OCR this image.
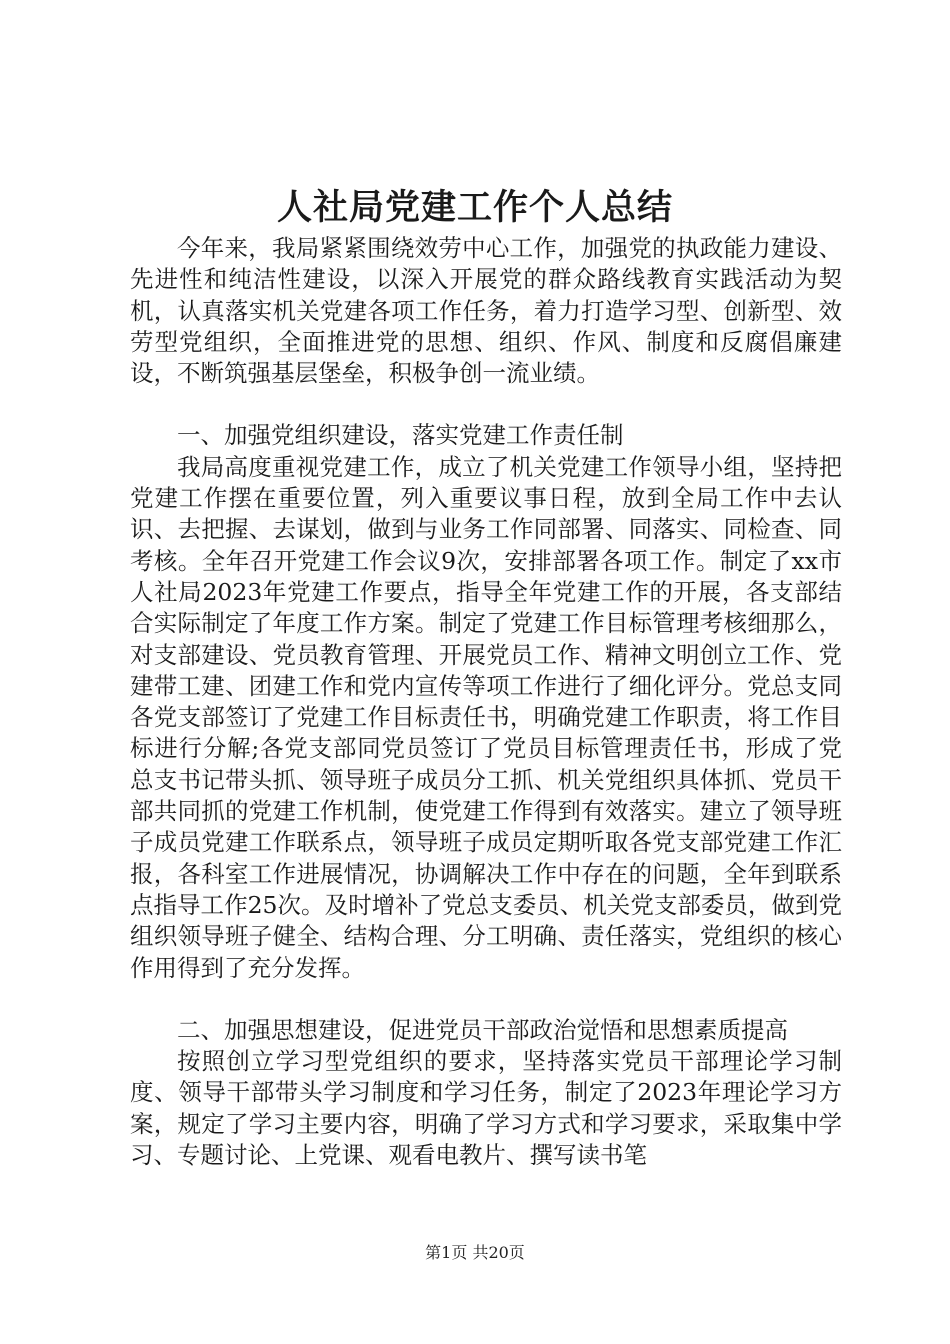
人社局党建工作个人总结

今年来，我局紧紧围绕效劳中心工作，加强党的执政能力建设、先进性和纯洁性建设，以深入开展党的群众路线教育实践活动为契机，认真落实机关党建各项工作任务，着力打造学习型、创新型、效劳型党组织，全面推进党的思想、组织、作风、制度和反腐倡廉建设，不断筑强基层堡垒，积极争创一流业绩。

一、加强党组织建设，落实党建工作责任制

我局高度重视党建工作，成立了机关党建工作领导小组，坚持把党建工作摆在重要位置，列入重要议事日程，放到全局工作中去认识、去把握、去谋划，做到与业务工作同部署、同落实、同检查、同考核。全年召开党建工作会议9次，安排部署各项工作。制定了xx市人社局2023年党建工作要点，指导全年党建工作的开展，各支部结合实际制定了年度工作方案。制定了党建工作目标管理考核细那么，对支部建设、党员教育管理、开展党员工作、精神文明创立工作、党建带工建、团建工作和党内宣传等项工作进行了细化评分。党总支同各党支部签订了党建工作目标责任书，明确党建工作职责，将工作目标进行分解;各党支部同党员签订了党员目标管理责任书，形成了党总支书记带头抓、领导班子成员分工抓、机关党组织具体抓、党员干部共同抓的党建工作机制，使党建工作得到有效落实。建立了领导班子成员党建工作联系点，领导班子成员定期听取各党支部党建工作汇报，各科室工作进展情况，协调解决工作中存在的问题，全年到联系点指导工作25次。及时增补了党总支委员、机关党支部委员，做到党组织领导班子健全、结构合理、分工明确、责任落实，党组织的核心作用得到了充分发挥。

二、加强思想建设，促进党员干部政治觉悟和思想素质提高

按照创立学习型党组织的要求，坚持落实党员干部理论学习制度、领导干部带头学习制度和学习任务，制定了2023年理论学习方案，规定了学习主要内容，明确了学习方式和学习要求，采取集中学习、专题讨论、上党课、观看电教片、撰写读书笔

第1页 共20页
